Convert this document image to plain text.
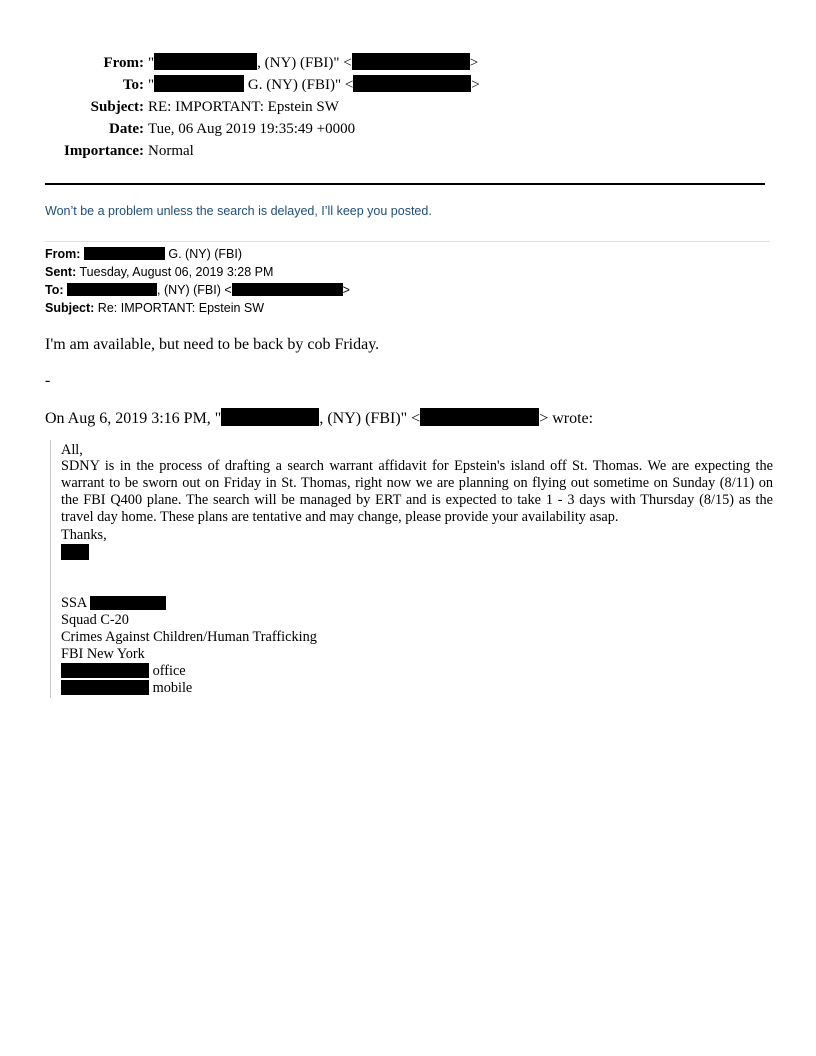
From: "	, (NY) (FBI)" <	>
To: "	G. (NY) (FBI)" <	>
Subject: RE: IMPORTANT: Epstein SW
Date: Tue, 06 Aug 2019 19:35:49 +0000
Importance: Normal
Won’t be a problem unless the search is delayed, I’ll keep you posted.
From:	G. (NY) (FBI)
Sent: Tuesday, August 06, 2019 3:28 PM
To:	, (NY) (FBI) <	>
Subject: Re: IMPORTANT: Epstein SW
I'm am available, but need to be back by cob Friday.
-
On Aug 6, 2019 3:16 PM, "	, (NY) (FBI)" <	> wrote:
All,
SDNY is in the process of drafting a search warrant affidavit for Epstein's island off St. Thomas. We are expecting the warrant to be sworn out on Friday in St. Thomas, right now we are planning on flying out sometime on Sunday (8/11) on the FBI Q400 plane. The search will be managed by ERT and is expected to take 1 - 3 days with Thursday (8/15) as the travel day home. These plans are tentative and may change, please provide your availability asap.
Thanks,
SSA
Squad C-20
Crimes Against Children/Human Trafficking
FBI New York
office
mobile
